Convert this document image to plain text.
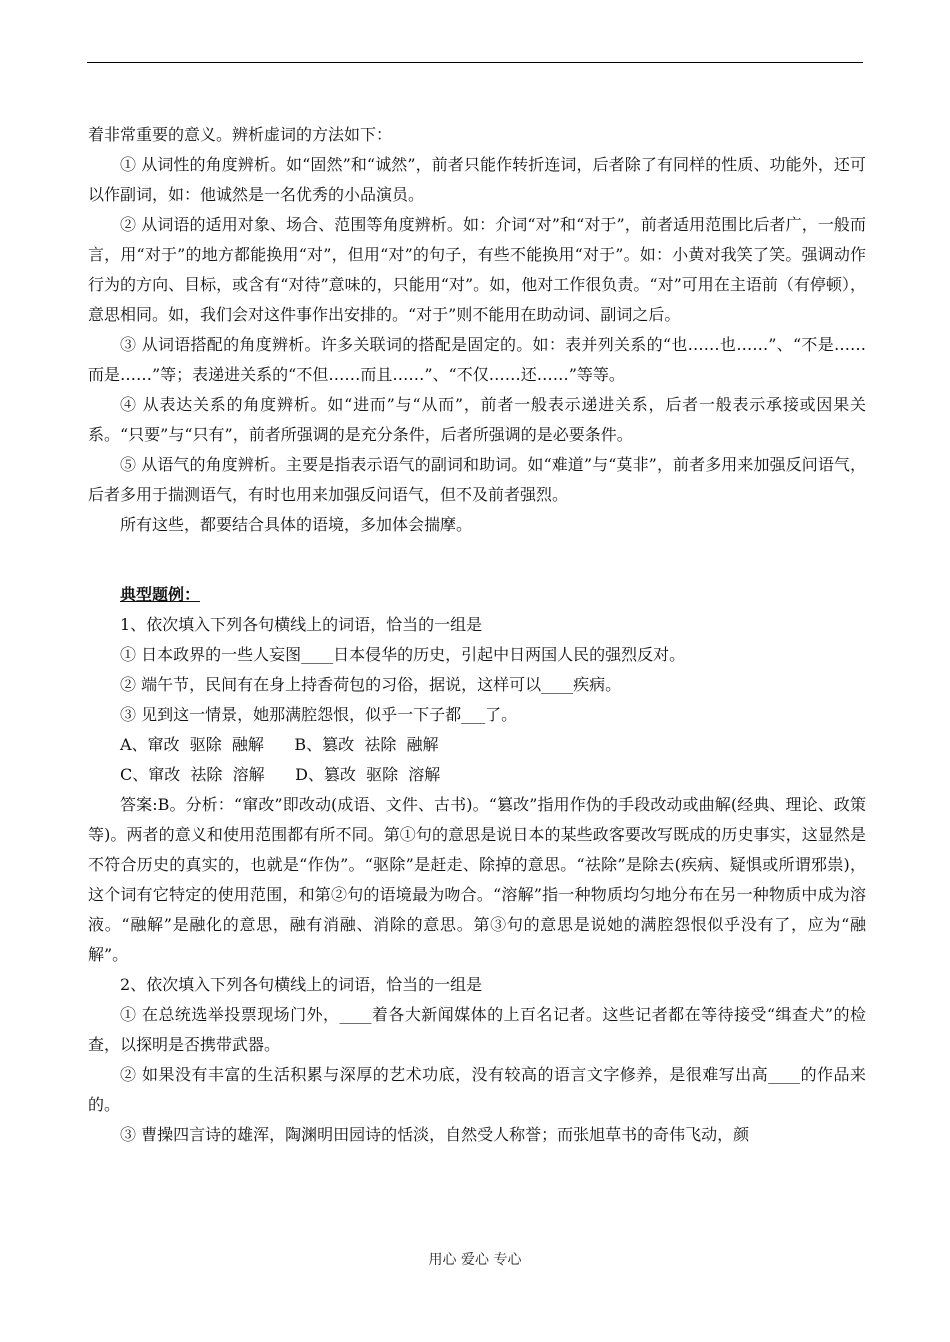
着非常重要的意义。辨析虚词的方法如下：

① 从词性的角度辨析。如“固然”和“诚然”，前者只能作转折连词，后者除了有同样的性质、功能外，还可以作副词，如：他诚然是一名优秀的小品演员。

② 从词语的适用对象、场合、范围等角度辨析。如：介词“对”和“对于”，前者适用范围比后者广，一般而言，用“对于”的地方都能换用“对”，但用“对”的句子，有些不能换用“对于”。如：小黄对我笑了笑。强调动作行为的方向、目标，或含有“对待”意味的，只能用“对”。如，他对工作很负责。“对”可用在主语前（有停顿），意思相同。如，我们会对这件事作出安排的。“对于”则不能用在助动词、副词之后。

③ 从词语搭配的角度辨析。许多关联词的搭配是固定的。如：表并列关系的“也……也……”、“不是……而是……”等；表递进关系的“不但……而且……”、“不仅……还……”等等。

④ 从表达关系的角度辨析。如“进而”与“从而”，前者一般表示递进关系，后者一般表示承接或因果关系。“只要”与“只有”，前者所强调的是充分条件，后者所强调的是必要条件。

⑤ 从语气的角度辨析。主要是指表示语气的副词和助词。如“难道”与“莫非”，前者多用来加强反问语气，后者多用于揣测语气，有时也用来加强反问语气，但不及前者强烈。

所有这些，都要结合具体的语境，多加体会揣摩。

典型题例：

1、依次填入下列各句横线上的词语，恰当的一组是

① 日本政界的一些人妄图____日本侵华的历史，引起中日两国人民的强烈反对。

② 端午节，民间有在身上持香荷包的习俗，据说，这样可以____疾病。

③ 见到这一情景，她那满腔怨恨，似乎一下子都___了。

A、窜改  驱除  融解      B、篡改  祛除  融解

C、窜改  祛除  溶解      D、篡改  驱除  溶解

答案:B。分析：“窜改”即改动(成语、文件、古书)。“篡改”指用作伪的手段改动或曲解(经典、理论、政策等)。两者的意义和使用范围都有所不同。第①句的意思是说日本的某些政客要改写既成的历史事实，这显然是不符合历史的真实的，也就是“作伪”。“驱除”是赶走、除掉的意思。“祛除”是除去(疾病、疑惧或所谓邪祟)，这个词有它特定的使用范围，和第②句的语境最为吻合。“溶解”指一种物质均匀地分布在另一种物质中成为溶液。“融解”是融化的意思，融有消融、消除的意思。第③句的意思是说她的满腔怨恨似乎没有了，应为“融解”。

2、依次填入下列各句横线上的词语，恰当的一组是

① 在总统选举投票现场门外，____着各大新闻媒体的上百名记者。这些记者都在等待接受“缉查犬”的检查，以探明是否携带武器。

② 如果没有丰富的生活积累与深厚的艺术功底，没有较高的语言文字修养，是很难写出高____的作品来的。

③ 曹操四言诗的雄浑，陶渊明田园诗的恬淡，自然受人称誉；而张旭草书的奇伟飞动，颜

用心 爱心 专心
